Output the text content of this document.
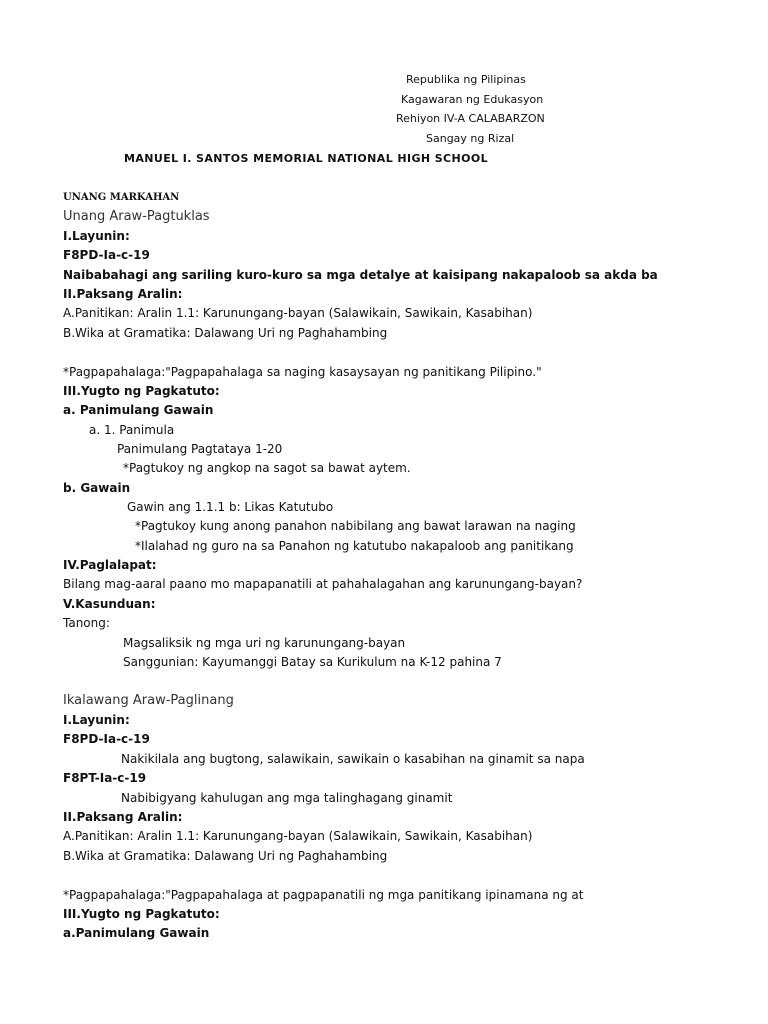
Republika ng Pilipinas
Kagawaran ng Edukasyon
Rehiyon IV-A CALABARZON
Sangay ng Rizal
MANUEL I. SANTOS MEMORIAL NATIONAL HIGH SCHOOL
UNANG MARKAHAN
Unang Araw-Pagtuklas
I.Layunin:
F8PD-Ia-c-19
Naibabahagi ang sariling kuro-kuro sa mga detalye at kaisipang nakapaloob sa akda ba
II.Paksang Aralin:
A.Panitikan: Aralin 1.1: Karunungang-bayan (Salawikain, Sawikain, Kasabihan)
B.Wika at Gramatika: Dalawang Uri ng Paghahambing
*Pagpapahalaga:"Pagpapahalaga sa naging kasaysayan ng panitikang Pilipino."
III.Yugto ng Pagkatuto:
a. Panimulang Gawain
a. 1. Panimula
Panimulang Pagtataya 1-20
*Pagtukoy ng angkop na sagot sa bawat aytem.
b. Gawain
Gawin ang 1.1.1 b: Likas Katutubo
*Pagtukoy kung anong panahon nabibilang ang bawat larawan na naging
*Ilalahad ng guro na sa Panahon ng katutubo nakapaloob ang panitikang
IV.Paglalapat:
Bilang mag-aaral paano mo mapapanatili at pahahalagahan ang karunungang-bayan?
V.Kasunduan:
Tanong:
Magsaliksik ng mga uri ng karunungang-bayan
Sanggunian: Kayumanggi Batay sa Kurikulum na K-12 pahina 7
Ikalawang Araw-Paglinang
I.Layunin:
F8PD-Ia-c-19
Nakikilala ang bugtong, salawikain, sawikain o kasabihan na ginamit sa napa
F8PT-Ia-c-19
Nabibigyang kahulugan ang mga talinghagang ginamit
II.Paksang Aralin:
A.Panitikan: Aralin 1.1: Karunungang-bayan (Salawikain, Sawikain, Kasabihan)
B.Wika at Gramatika: Dalawang Uri ng Paghahambing
*Pagpapahalaga:"Pagpapahalaga at pagpapanatili ng mga panitikang ipinamana ng at
III.Yugto ng Pagkatuto:
a.Panimulang Gawain
